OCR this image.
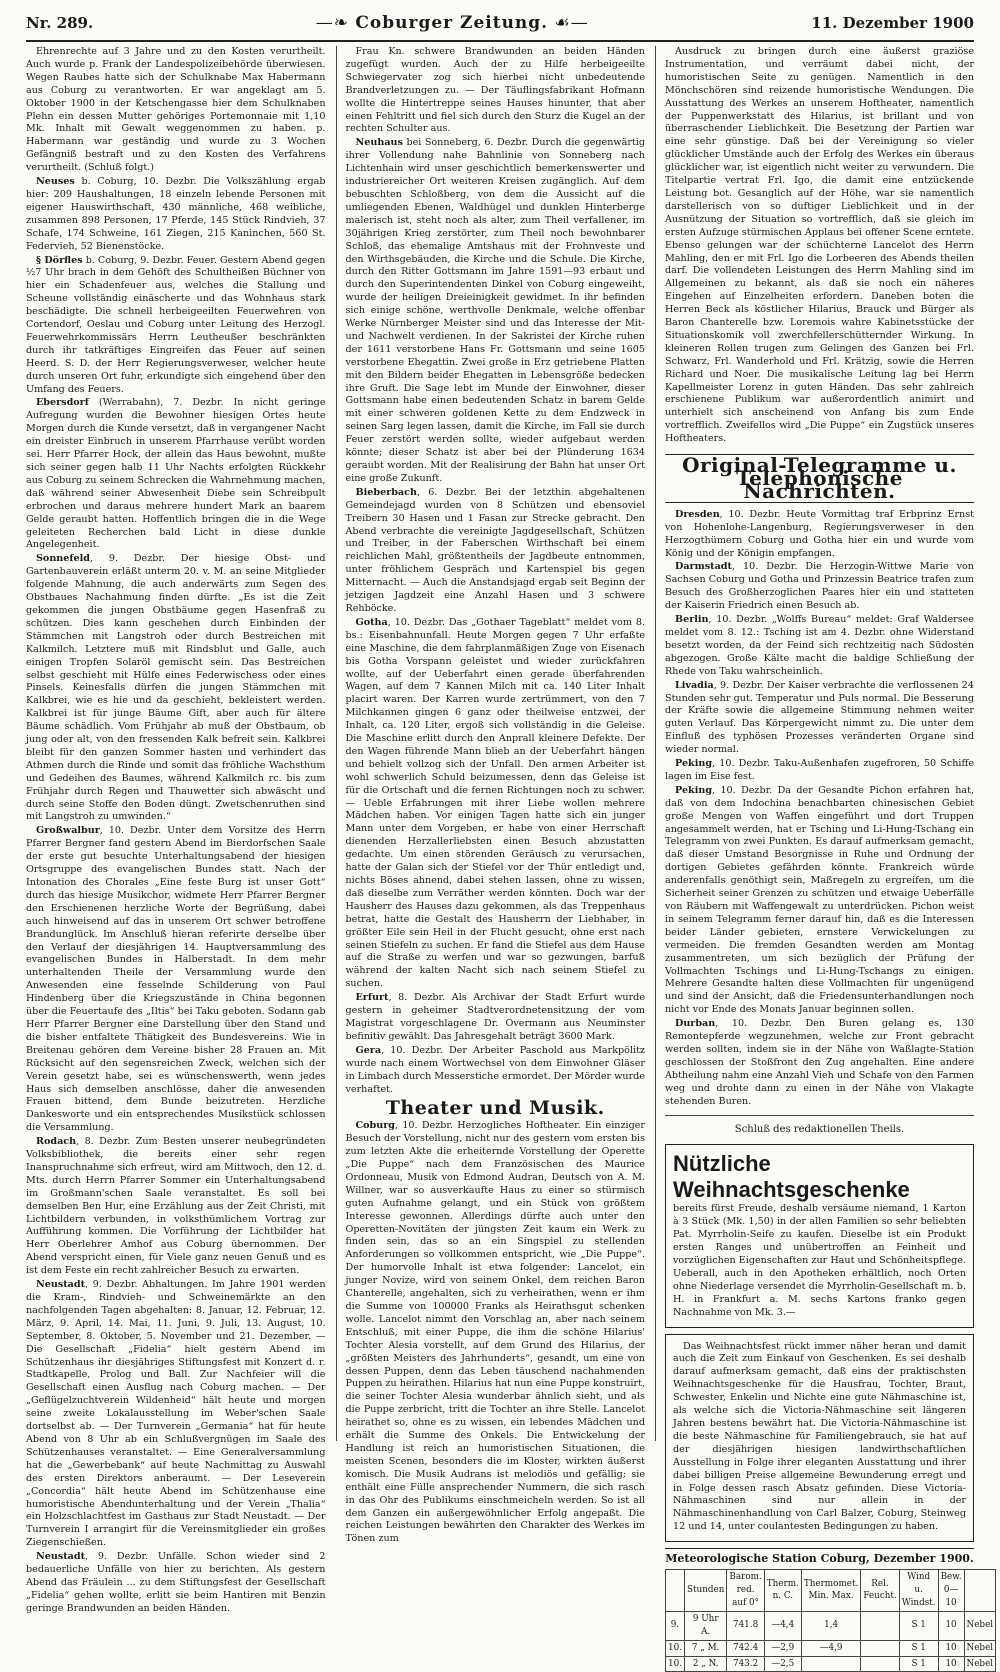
Nr. 289.	—❧ Coburger Zeitung. ☙—	11. Dezember 1900

Ehrenrechte auf 3 Jahre und zu den Kosten verurtheilt. Auch wurde p. Frank der Landespolizeibehörde überwiesen. Wegen Raubes hatte sich der Schulknabe Max Habermann aus Coburg zu verantworten. Er war angeklagt am 5. Oktober 1900 in der Ketschengasse hier dem Schulknaben Plehn ein dessen Mutter gehöriges Portemonnaie mit 1,10 Mk. Inhalt mit Gewalt weggenommen zu haben. p. Habermann war geständig und wurde zu 3 Wochen Gefängniß bestraft und zu den Kosten des Verfahrens verurtheilt. (Schluß folgt.)

Neuses b. Coburg, 10. Dezbr. Die Volkszählung ergab hier: 209 Haushaltungen, 18 einzeln lebende Personen mit eigener Hauswirthschaft, 430 männliche, 468 weibliche, zusammen 898 Personen, 17 Pferde, 145 Stück Rindvieh, 37 Schafe, 174 Schweine, 161 Ziegen, 215 Kaninchen, 560 St. Federvieh, 52 Bienenstöcke.

§ Dörfles b. Coburg, 9. Dezbr. Feuer. Gestern Abend gegen ½7 Uhr brach in dem Gehöft des Schultheißen Büchner von hier ein Schadenfeuer aus, welches die Stallung und Scheune vollständig einäscherte und das Wohnhaus stark beschädigte. Die schnell herbeigeeilten Feuerwehren von Cortendorf, Oeslau und Coburg unter Leitung des Herzogl. Feuerwehrkommissärs Herrn Leutheußer beschränkten durch ihr tatkräftiges Eingreifen das Feuer auf seinen Heerd. S. D. der Herr Regierungsverweser, welcher heute durch unseren Ort fuhr, erkundigte sich eingehend über den Umfang des Feuers.

Ebersdorf (Werrabahn), 7. Dezbr. In nicht geringe Aufregung wurden die Bewohner hiesigen Ortes heute Morgen durch die Kunde versetzt, daß in vergangener Nacht ein dreister Einbruch in unserem Pfarrhause verübt worden sei. Herr Pfarrer Hock, der allein das Haus bewohnt, mußte sich seiner gegen halb 11 Uhr Nachts erfolgten Rückkehr aus Coburg zu seinem Schrecken die Wahrnehmung machen, daß während seiner Abwesenheit Diebe sein Schreibpult erbrochen und daraus mehrere hundert Mark an baarem Gelde geraubt hatten. Hoffentlich bringen die in die Wege geleiteten Recherchen bald Licht in diese dunkle Angelegenheit.

Sonnefeld, 9. Dezbr. Der hiesige Obst- und Gartenbauverein erläßt unterm 20. v. M. an seine Mitglieder folgende Mahnung, die auch anderwärts zum Segen des Obstbaues Nachahmung finden dürfte. „Es ist die Zeit gekommen die jungen Obstbäume gegen Hasenfraß zu schützen. Dies kann geschehen durch Einbinden der Stämmchen mit Langstroh oder durch Bestreichen mit Kalkmilch. Letztere muß mit Rindsblut und Galle, auch einigen Tropfen Solaröl gemischt sein. Das Bestreichen selbst geschieht mit Hülfe eines Federwischess oder eines Pinsels. Keinesfalls dürfen die jungen Stämmchen mit Kalkbrei, wie es hie und da geschieht, bekleistert werden. Kalkbrei ist für junge Bäume Gift, aber auch für ältere Bäume schädlich. Vom Frühjahr ab muß der Obstbaum, ob jung oder alt, von den fressenden Kalk befreit sein. Kalkbrei bleibt für den ganzen Sommer hasten und verhindert das Athmen durch die Rinde und somit das fröhliche Wachsthum und Gedeihen des Baumes, während Kalkmilch rc. bis zum Frühjahr durch Regen und Thauwetter sich abwäscht und durch seine Stoffe den Boden düngt. Zwetschenruthen sind mit Langstroh zu umwinden.“

Großwalbur, 10. Dezbr. Unter dem Vorsitze des Herrn Pfarrer Bergner fand gestern Abend im Bierdorfschen Saale der erste gut besuchte Unterhaltungsabend der hiesigen Ortsgruppe des evangelischen Bundes statt. Nach der Intonation des Chorales „Eine feste Burg ist unser Gott“ durch das hiesige Musikchor, widmete Herr Pfarrer Bergner den Erschienenen herzliche Worte der Begrüßung, dabei auch hinweisend auf das in unserem Ort schwer betroffene Brandunglück. Im Anschluß hieran referirte derselbe über den Verlauf der diesjährigen 14. Hauptversammlung des evangelischen Bundes in Halberstadt. In dem mehr unterhaltenden Theile der Versammlung wurde den Anwesenden eine fesselnde Schilderung von Paul Hindenberg über die Kriegszustände in China begonnen über die Feuertaufe des „Iltis“ bei Taku geboten. Sodann gab Herr Pfarrer Bergner eine Darstellung über den Stand und die bisher entfaltete Thätigkeit des Bundesvereins. Wie in Breitenau gehören dem Vereine bisher 28 Frauen an. Mit Rücksicht auf den segensreichen Zweck, welchen sich der Verein gesetzt habe, sei es wünschenswerth, wenn jedes Haus sich demselben anschlösse, daher die anwesenden Frauen bittend, dem Bunde beizutreten. Herzliche Dankesworte und ein entsprechendes Musikstück schlossen die Versammlung.

Rodach, 8. Dezbr. Zum Besten unserer neubegründeten Volksbibliothek, die bereits einer sehr regen Inanspruchnahme sich erfreut, wird am Mittwoch, den 12. d. Mts. durch Herrn Pfarrer Sommer ein Unterhaltungsabend im Großmann'schen Saale veranstaltet. Es soll bei demselben Ben Hur, eine Erzählung aus der Zeit Christi, mit Lichtbildern verbunden, in volksthümlichem Vortrag zur Aufführung kommen. Die Vorführung der Lichtbilder hat Herr Oberlehrer Amhof aus Coburg übernommen. Der Abend verspricht einen, für Viele ganz neuen Genuß und es ist dem Feste ein recht zahlreicher Besuch zu erwarten.

Neustadt, 9. Dezbr. Abhaltungen. Im Jahre 1901 werden die Kram-, Rindvieh- und Schweinemärkte an den nachfolgenden Tagen abgehalten: 8. Januar, 12. Februar, 12. März, 9. April, 14. Mai, 11. Juni, 9. Juli, 13. August, 10. September, 8. Oktober, 5. November und 21. Dezember. — Die Gesellschaft „Fidelia“ hielt gestern Abend im Schützenhaus ihr diesjähriges Stiftungsfest mit Konzert d. r. Stadtkapelle, Prolog und Ball. Zur Nachfeier will die Gesellschaft einen Ausflug nach Coburg machen. — Der „Geflügelzuchtverein Wildenheid“ hält heute und morgen seine zweite Lokalausstellung im Weber'schen Saale dortselbst ab. — Der Turnverein „Germania“ hat für heute Abend von 8 Uhr ab ein Schlußvergnügen im Saale des Schützenhauses veranstaltet. — Eine Generalversammlung hat die „Gewerbebank“ auf heute Nachmittag zu Auswahl des ersten Direktors anberaumt. — Der Leseverein „Concordia“ hält heute Abend im Schützenhause eine humoristische Abendunterhaltung und der Verein „Thalia“ ein Holzschlachtfest im Gasthaus zur Stadt Neustadt. — Der Turnverein I arrangirt für die Vereinsmitglieder ein großes Ziegenschießen.

Neustadt, 9. Dezbr. Unfälle. Schon wieder sind 2 bedauerliche Unfälle von hier zu berichten. Als gestern Abend das Fräulein ... zu dem Stiftungsfest der Gesellschaft „Fidelia“ gehen wollte, erlitt sie beim Hantiren mit Benzin geringe Brandwunden an beiden Händen.

Frau Kn. schwere Brandwunden an beiden Händen zugefügt wurden. Auch der zu Hilfe herbeigeeilte Schwiegervater zog sich hierbei nicht unbedeutende Brandverletzungen zu. — Der Täuflingsfabrikant Hofmann wollte die Hintertreppe seines Hauses hinunter, that aber einen Fehltritt und fiel sich durch den Sturz die Kugel an der rechten Schulter aus.

Neuhaus bei Sonneberg, 6. Dezbr. Durch die gegenwärtig ihrer Vollendung nahe Bahnlinie von Sonneberg nach Lichtenhain wird unser geschichtlich bemerkenswerter und industriereicher Ort weiteren Kreisen zugänglich. Auf dem bebuschten Schloßberg, von dem die Aussicht auf die umliegenden Ebenen, Waldhügel und dunklen Hinterberge malerisch ist, steht noch als alter, zum Theil verfallener, im 30jährigen Krieg zerstörter, zum Theil noch bewohnbarer Schloß, das ehemalige Amtshaus mit der Frohnveste und den Wirthsgebäuden, die Kirche und die Schule. Die Kirche, durch den Ritter Gottsmann im Jahre 1591—93 erbaut und durch den Superintendenten Dinkel von Coburg eingeweiht, wurde der heiligen Dreieinigkeit gewidmet. In ihr befinden sich einige schöne, werthvolle Denkmale, welche offenbar Werke Nürnberger Meister sind und das Interesse der Mit- und Nachwelt verdienen. In der Sakristei der Kirche ruhen der 1611 verstorbene Hans Fr. Gottsmann und seine 1605 verstorbene Ehegattin. Zwei große in Erz getriebene Platten mit den Bildern beider Ehegatten in Lebensgröße bedecken ihre Gruft. Die Sage lebt im Munde der Einwohner, dieser Gottsmann habe einen bedeutenden Schatz in barem Gelde mit einer schweren goldenen Kette zu dem Endzweck in seinen Sarg legen lassen, damit die Kirche, im Fall sie durch Feuer zerstört werden sollte, wieder aufgebaut werden könnte; dieser Schatz ist aber bei der Plünderung 1634 geraubt worden. Mit der Realisirung der Bahn hat unser Ort eine große Zukunft.

Bieberbach, 6. Dezbr. Bei der letzthin abgehaltenen Gemeindejagd wurden von 8 Schützen und ebensoviel Treibern 30 Hasen und 1 Fasan zur Strecke gebracht. Den Abend verbrachte die vereinigte Jagdgesellschaft, Schützen und Treiber, in der Faberschen Wirthschaft bei einem reichlichen Mahl, größtentheils der Jagdbeute entnommen, unter fröhlichem Gespräch und Kartenspiel bis gegen Mitternacht. — Auch die Anstandsjagd ergab seit Beginn der jetzigen Jagdzeit eine Anzahl Hasen und 3 schwere Rehböcke.

Gotha, 10. Dezbr. Das „Gothaer Tageblatt“ meldet vom 8. bs.: Eisenbahnunfall. Heute Morgen gegen 7 Uhr erfaßte eine Maschine, die dem fahrplanmäßigen Zuge von Eisenach bis Gotha Vorspann geleistet und wieder zurückfahren wollte, auf der Ueberfahrt einen gerade überfahrenden Wagen, auf dem 7 Kannen Milch mit ca. 140 Liter Inhalt placirt waren. Der Karren wurde zertrümmert, von den 7 Milchkannen gingen 6 ganz oder theilweise entzwei, der Inhalt, ca. 120 Liter, ergoß sich vollständig in die Geleise. Die Maschine erlitt durch den Anprall kleinere Defekte. Der den Wagen führende Mann blieb an der Ueberfahrt hängen und behielt vollzog sich der Unfall. Den armen Arbeiter ist wohl schwerlich Schuld beizumessen, denn das Geleise ist für die Ortschaft und die fernen Richtungen noch zu schwer. — Ueble Erfahrungen mit ihrer Liebe wollen mehrere Mädchen haben. Vor einigen Tagen hatte sich ein junger Mann unter dem Vorgeben, er habe von einer Herrschaft dienenden Herzallerliebsten einen Besuch abzustatten gedachte. Um einen störenden Geräusch zu verursachen, hatte der Galan sich der Stiefel vor der Thür entledigt und, nichts Böses ahnend, dabei stehen lassen, ohne zu wissen, daß dieselbe zum Verräther werden könnten. Doch war der Hausherr des Hauses dazu gekommen, als das Treppenhaus betrat, hatte die Gestalt des Hausherrn der Liebhaber, in größter Eile sein Heil in der Flucht gesucht, ohne erst nach seinen Stiefeln zu suchen. Er fand die Stiefel aus dem Hause auf die Straße zu werfen und war so gezwungen, barfuß während der kalten Nacht sich nach seinem Stiefel zu suchen.

Erfurt, 8. Dezbr. Als Archivar der Stadt Erfurt wurde gestern in geheimer Stadtverordnetensitzung der vom Magistrat vorgeschlagene Dr. Overmann aus Neuminster befinitiv gewählt. Das Jahresgehalt beträgt 3600 Mark.

Gera, 10. Dezbr. Der Arbeiter Paschold aus Markpölitz wurde nach einem Wortwechsel von dem Einwohner Gläser in Limbach durch Messerstiche ermordet. Der Mörder wurde verhaftet.

Theater und Musik.

Coburg, 10. Dezbr. Herzogliches Hoftheater. Ein einziger Besuch der Vorstellung, nicht nur des gestern vom ersten bis zum letzten Akte die erheiternde Vorstellung der Operette „Die Puppe“ nach dem Französischen des Maurice Ordonneau, Musik von Edmond Audran, Deutsch von A. M. Willner, war so ausverkaufte Haus zu einer so stürmisch guten Aufnahme gelangt, und ein Stück von größtem Interesse gewonnen. Allerdings dürfte auch unter den Operetten-Novitäten der jüngsten Zeit kaum ein Werk zu finden sein, das so an ein Singspiel zu stellenden Anforderungen so vollkommen entspricht, wie „Die Puppe“. Der humorvolle Inhalt ist etwa folgender: Lancelot, ein junger Novize, wird von seinem Onkel, dem reichen Baron Chanterelle, angehalten, sich zu verheirathen, wenn er ihm die Summe von 100000 Franks als Heirathsgut schenken wolle. Lancelot nimmt den Vorschlag an, aber nach seinem Entschluß, mit einer Puppe, die ihm die schöne Hilarius' Tochter Alesia vorstellt, auf dem Grund des Hilarius, der „größten Meisters des Jahrhunderts“, gesandt, um eine von dessen Puppen, denn das Leben täuschend nachahmenden Puppen zu heirathen. Hilarius hat nun eine Puppe konstruirt, die seiner Tochter Alesia wunderbar ähnlich sieht, und als die Puppe zerbricht, tritt die Tochter an ihre Stelle. Lancelot heirathet so, ohne es zu wissen, ein lebendes Mädchen und erhält die Summe des Onkels. Die Entwickelung der Handlung ist reich an humoristischen Situationen, die meisten Scenen, besonders die im Kloster, wirkten äußerst komisch. Die Musik Audrans ist melodiös und gefällig; sie enthält eine Fülle ansprechender Nummern, die sich rasch in das Ohr des Publikums einschmeicheln werden. So ist all dem Ganzen ein außergewöhnlicher Erfolg angepaßt. Die reichen Leistungen bewährten den Charakter des Werkes im Tönen zum

Ausdruck zu bringen durch eine äußerst graziöse Instrumentation, und verräumt dabei nicht, der humoristischen Seite zu genügen. Namentlich in den Mönchschören sind reizende humoristische Wendungen. Die Ausstattung des Werkes an unserem Hoftheater, namentlich der Puppenwerkstatt des Hilarius, ist brillant und von überraschender Lieblichkeit. Die Besetzung der Partien war eine sehr günstige. Daß bei der Vereinigung so vieler glücklicher Umstände auch der Erfolg des Werkes ein überaus glücklicher war, ist eigentlich nicht weiter zu verwundern. Die Titelpartie vertrat Frl. Igo, die damit eine entzückende Leistung bot. Gesanglich auf der Höhe, war sie namentlich darstellerisch von so duftiger Lieblichkeit und in der Ausnützung der Situation so vortrefflich, daß sie gleich im ersten Aufzuge stürmischen Applaus bei offener Scene erntete. Ebenso gelungen war der schüchterne Lancelot des Herrn Mahling, den er mit Frl. Igo die Lorbeeren des Abends theilen darf. Die vollendeten Leistungen des Herrn Mahling sind im Allgemeinen zu bekannt, als daß sie noch ein näheres Eingehen auf Einzelheiten erfordern. Daneben boten die Herren Beck als köstlicher Hilarius, Brauck und Bürger als Baron Chanterelle bzw. Loremois wahre Kabinetsstücke der Situationskomik voll zwerchfellerschütternder Wirkung. In kleineren Rollen trugen zum Gelingen des Ganzen bei Frl. Schwarz, Frl. Wanderhold und Frl. Krätzig, sowie die Herren Richard und Noer. Die musikalische Leitung lag bei Herrn Kapellmeister Lorenz in guten Händen. Das sehr zahlreich erschienene Publikum war außerordentlich animirt und unterhielt sich anscheinend von Anfang bis zum Ende vortrefflich. Zweifellos wird „Die Puppe“ ein Zugstück unseres Hoftheaters.

Original-Telegramme u. Telephonische Nachrichten.

Dresden, 10. Dezbr. Heute Vormittag traf Erbprinz Ernst von Hohenlohe-Langenburg, Regierungsverweser in den Herzogthümern Coburg und Gotha hier ein und wurde vom König und der Königin empfangen.

Darmstadt, 10. Dezbr. Die Herzogin-Wittwe Marie von Sachsen Coburg und Gotha und Prinzessin Beatrice trafen zum Besuch des Großherzoglichen Paares hier ein und statteten der Kaiserin Friedrich einen Besuch ab.

Berlin, 10. Dezbr. „Wolffs Bureau“ meldet: Graf Waldersee meldet vom 8. 12.: Tsching ist am 4. Dezbr. ohne Widerstand besetzt worden, da der Feind sich rechtzeitig nach Südosten abgezogen. Große Kälte macht die baldige Schließung der Rhede von Taku wahrscheinlich.

Livadia, 9. Dezbr. Der Kaiser verbrachte die verflossenen 24 Stunden sehr gut. Temperatur und Puls normal. Die Besserung der Kräfte sowie die allgemeine Stimmung nehmen weiter guten Verlauf. Das Körpergewicht nimmt zu. Die unter dem Einfluß des typhösen Prozesses veränderten Organe sind wieder normal.

Peking, 10. Dezbr. Taku-Außenhafen zugefroren, 50 Schiffe lagen im Eise fest.

Peking, 10. Dezbr. Da der Gesandte Pichon erfahren hat, daß von dem Indochina benachbarten chinesischen Gebiet große Mengen von Waffen eingeführt und dort Truppen angesammelt werden, hat er Tsching und Li-Hung-Tschang ein Telegramm von zwei Punkten. Es darauf aufmerksam gemacht, daß dieser Umstand Besorgnisse in Ruhe und Ordnung der dortigen Gebietes gefährden könnte. Frankreich würde anderenfalls genöthigt sein, Maßregeln zu ergreifen, um die Sicherheit seiner Grenzen zu schützen und etwaige Ueberfälle von Räubern mit Waffengewalt zu unterdrücken. Pichon weist in seinem Telegramm ferner darauf hin, daß es die Interessen beider Länder gebieten, ernstere Verwickelungen zu vermeiden. Die fremden Gesandten werden am Montag zusammentreten, um sich bezüglich der Prüfung der Vollmachten Tschings und Li-Hung-Tschangs zu einigen. Mehrere Gesandte halten diese Vollmachten für ungenügend und sind der Ansicht, daß die Friedensunterhandlungen noch nicht vor Ende des Monats Januar beginnen sollen.

Durban, 10. Dezbr. Den Buren gelang es, 130 Remontepferde wegzunehmen, welche zur Front gebracht werden sollten, indem sie in der Nähe von Waßlagte-Station geschlossen der Stoßfront den Zug angehalten. Eine andere Abtheilung nahm eine Anzahl Vieh und Schafe von den Farmen weg und drohte dann zu einen in der Nähe von Vlakagte stehenden Buren.

Schluß des redaktionellen Theils.
Nützliche Weihnachtsgeschenke

bereits fürst Freude, deshalb versäume niemand, 1 Karton à 3 Stück (Mk. 1,50) in der allen Familien so sehr beliebten Pat. Myrrholin-Seife zu kaufen. Dieselbe ist ein Produkt ersten Ranges und unübertroffen an Feinheit und vorzüglichen Eigenschaften zur Haut und Schönheitspflege. Ueberall, auch in den Apotheken erhältlich, noch Orten ohne Niederlage versendet die Myrrholin-Gesellschaft m. b. H. in Frankfurt a. M. sechs Kartons franko gegen Nachnahme von Mk. 3.—

Das Weihnachtsfest rückt immer näher heran und damit auch die Zeit zum Einkauf von Geschenken. Es sei deshalb darauf aufmerksam gemacht, daß eins der praktischsten Weihnachtsgeschenke für die Hausfrau, Tochter, Braut, Schwester, Enkelin und Nichte eine gute Nähmaschine ist, als welche sich die Victoria-Nähmaschine seit längeren Jahren bestens bewährt hat. Die Victoria-Nähmaschine ist die beste Nähmaschine für Familiengebrauch, sie hat auf der diesjährigen hiesigen landwirthschaftlichen Ausstellung in Folge ihrer eleganten Ausstattung und ihrer dabei billigen Preise allgemeine Bewunderung erregt und in Folge dessen rasch Absatz gefunden. Diese Victoria-Nähmaschinen sind nur allein in der Nähmaschinenhandlung von Carl Balzer, Coburg, Steinweg 12 und 14, unter coulantesten Bedingungen zu haben.

Meteorologische Station Coburg, Dezember 1900.
	Stunden	Barom. red. auf 0°	Therm. n. C.	Thermomet. Min. Max.	Rel. Feucht.	Wind u. Windst.	Bew. 0—10	
9.	9 Uhr A.	741.8	—4,4	1,4		S 1	10	Nebel
10.	7 „ M.	742.4	—2,9	—4,9		S 1	10	Nebel
10.	2 „ N.	743.2	—2,5			S 1	10	Nebel
